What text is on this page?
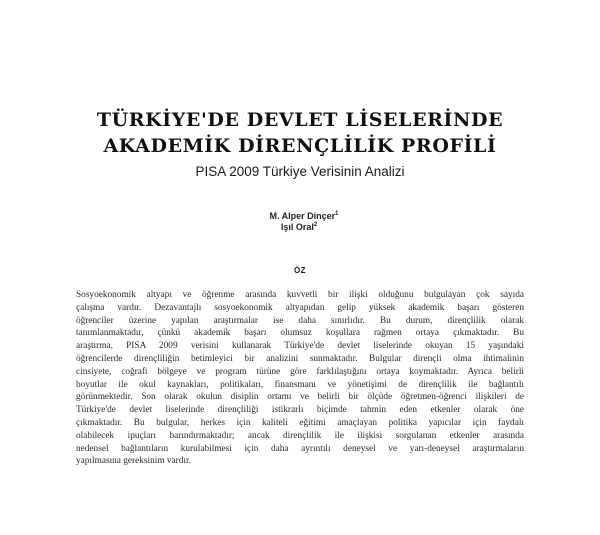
TÜRKİYE'DE DEVLET LİSELERİNDE
AKADEMİK DİRENÇLİLİK PROFİLİ
PISA 2009 Türkiye Verisinin Analizi
M. Alper Dinçer$^1$
Işıl Oral$^2$
ÖZ
Sosyoekonomik altyapı ve öğrenme arasında kuvvetli bir ilişki olduğunu bulgulayan çok sayıda
çalışma vardır. Dezavantajlı sosyoekonomik altyapıdan gelip yüksek akademik başarı gösteren
öğrenciler üzerine yapılan araştırmalar ise daha sınırlıdır. Bu durum, dirençlilik olarak
tanımlanmaktadır, çünkü akademik başarı olumsuz koşullara rağmen ortaya çıkmaktadır. Bu
araştırma, PISA 2009 verisini kullanarak Türkiye'de devlet liselerinde okuyan 15 yaşındaki
öğrencilerde dirençliliğin betimleyici bir analizini sunmaktadır. Bulgular dirençli olma ihtimalinin
cinsiyete, coğrafi bölgeye ve program türüne göre farklılaştığını ortaya koymaktadır. Ayrıca belirli
boyutlar ile okul kaynakları, politikaları, finansmanı ve yönetişimi de dirençlilik ile bağlantılı
görünmektedir. Son olarak okulun disiplin ortamı ve belirli bir ölçüde öğretmen-öğrenci ilişkileri de
Türkiye'de devlet liselerinde dirençliliği istikrarlı biçimde tahmin eden etkenler olarak öne
çıkmaktadır. Bu bulgular, herkes için kaliteli eğitimi amaçlayan politika yapıcılar için faydalı
olabilecek ipuçları barındırmaktadır; ancak dirençlilik ile ilişkisi sorgulanan etkenler arasında
nedensel bağlantıların kurulabilmesi için daha ayrıntılı deneysel ve yarı-deneysel araştırmaların
yapılmasına gereksinim vardır.
